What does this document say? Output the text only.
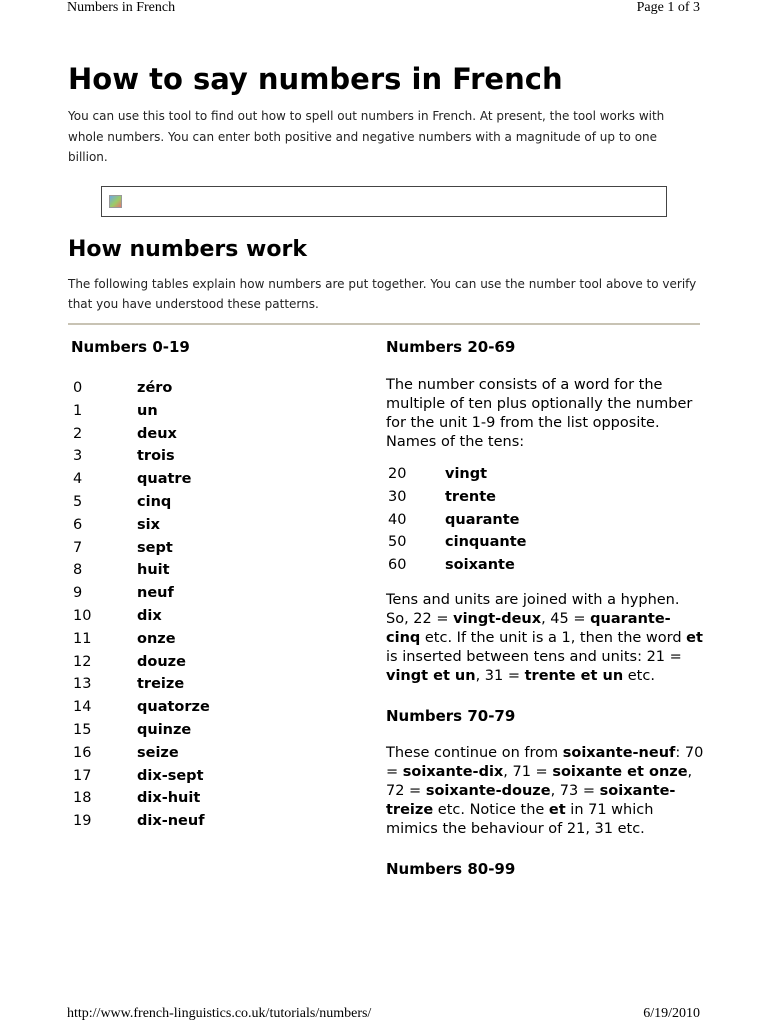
Numbers in French	Page 1 of 3
How to say numbers in French

You can use this tool to find out how to spell out numbers in French. At present, the tool works with whole numbers. You can enter both positive and negative numbers with a magnitude of up to one billion.

How numbers work

The following tables explain how numbers are put together. You can use the number tool above to verify that you have understood these patterns.

Numbers 0-19
0	zéro
1	un
2	deux
3	trois
4	quatre
5	cinq
6	six
7	sept
8	huit
9	neuf
10	dix
11	onze
12	douze
13	treize
14	quatorze
15	quinze
16	seize
17	dix-sept
18	dix-huit
19	dix-neuf
Numbers 20-69

The number consists of a word for the multiple of ten plus optionally the number for the unit 1-9 from the list opposite. Names of the tens:

20	vingt
30	trente
40	quarante
50	cinquante
60	soixante

Tens and units are joined with a hyphen. So, 22 = vingt-deux, 45 = quarante-cinq etc. If the unit is a 1, then the word et is inserted between tens and units: 21 = vingt et un, 31 = trente et un etc.

Numbers 70-79

These continue on from soixante-neuf: 70 = soixante-dix, 71 = soixante et onze, 72 = soixante-douze, 73 = soixante-treize etc. Notice the et in 71 which mimics the behaviour of 21, 31 etc.

Numbers 80-99
http://www.french-linguistics.co.uk/tutorials/numbers/	6/19/2010
